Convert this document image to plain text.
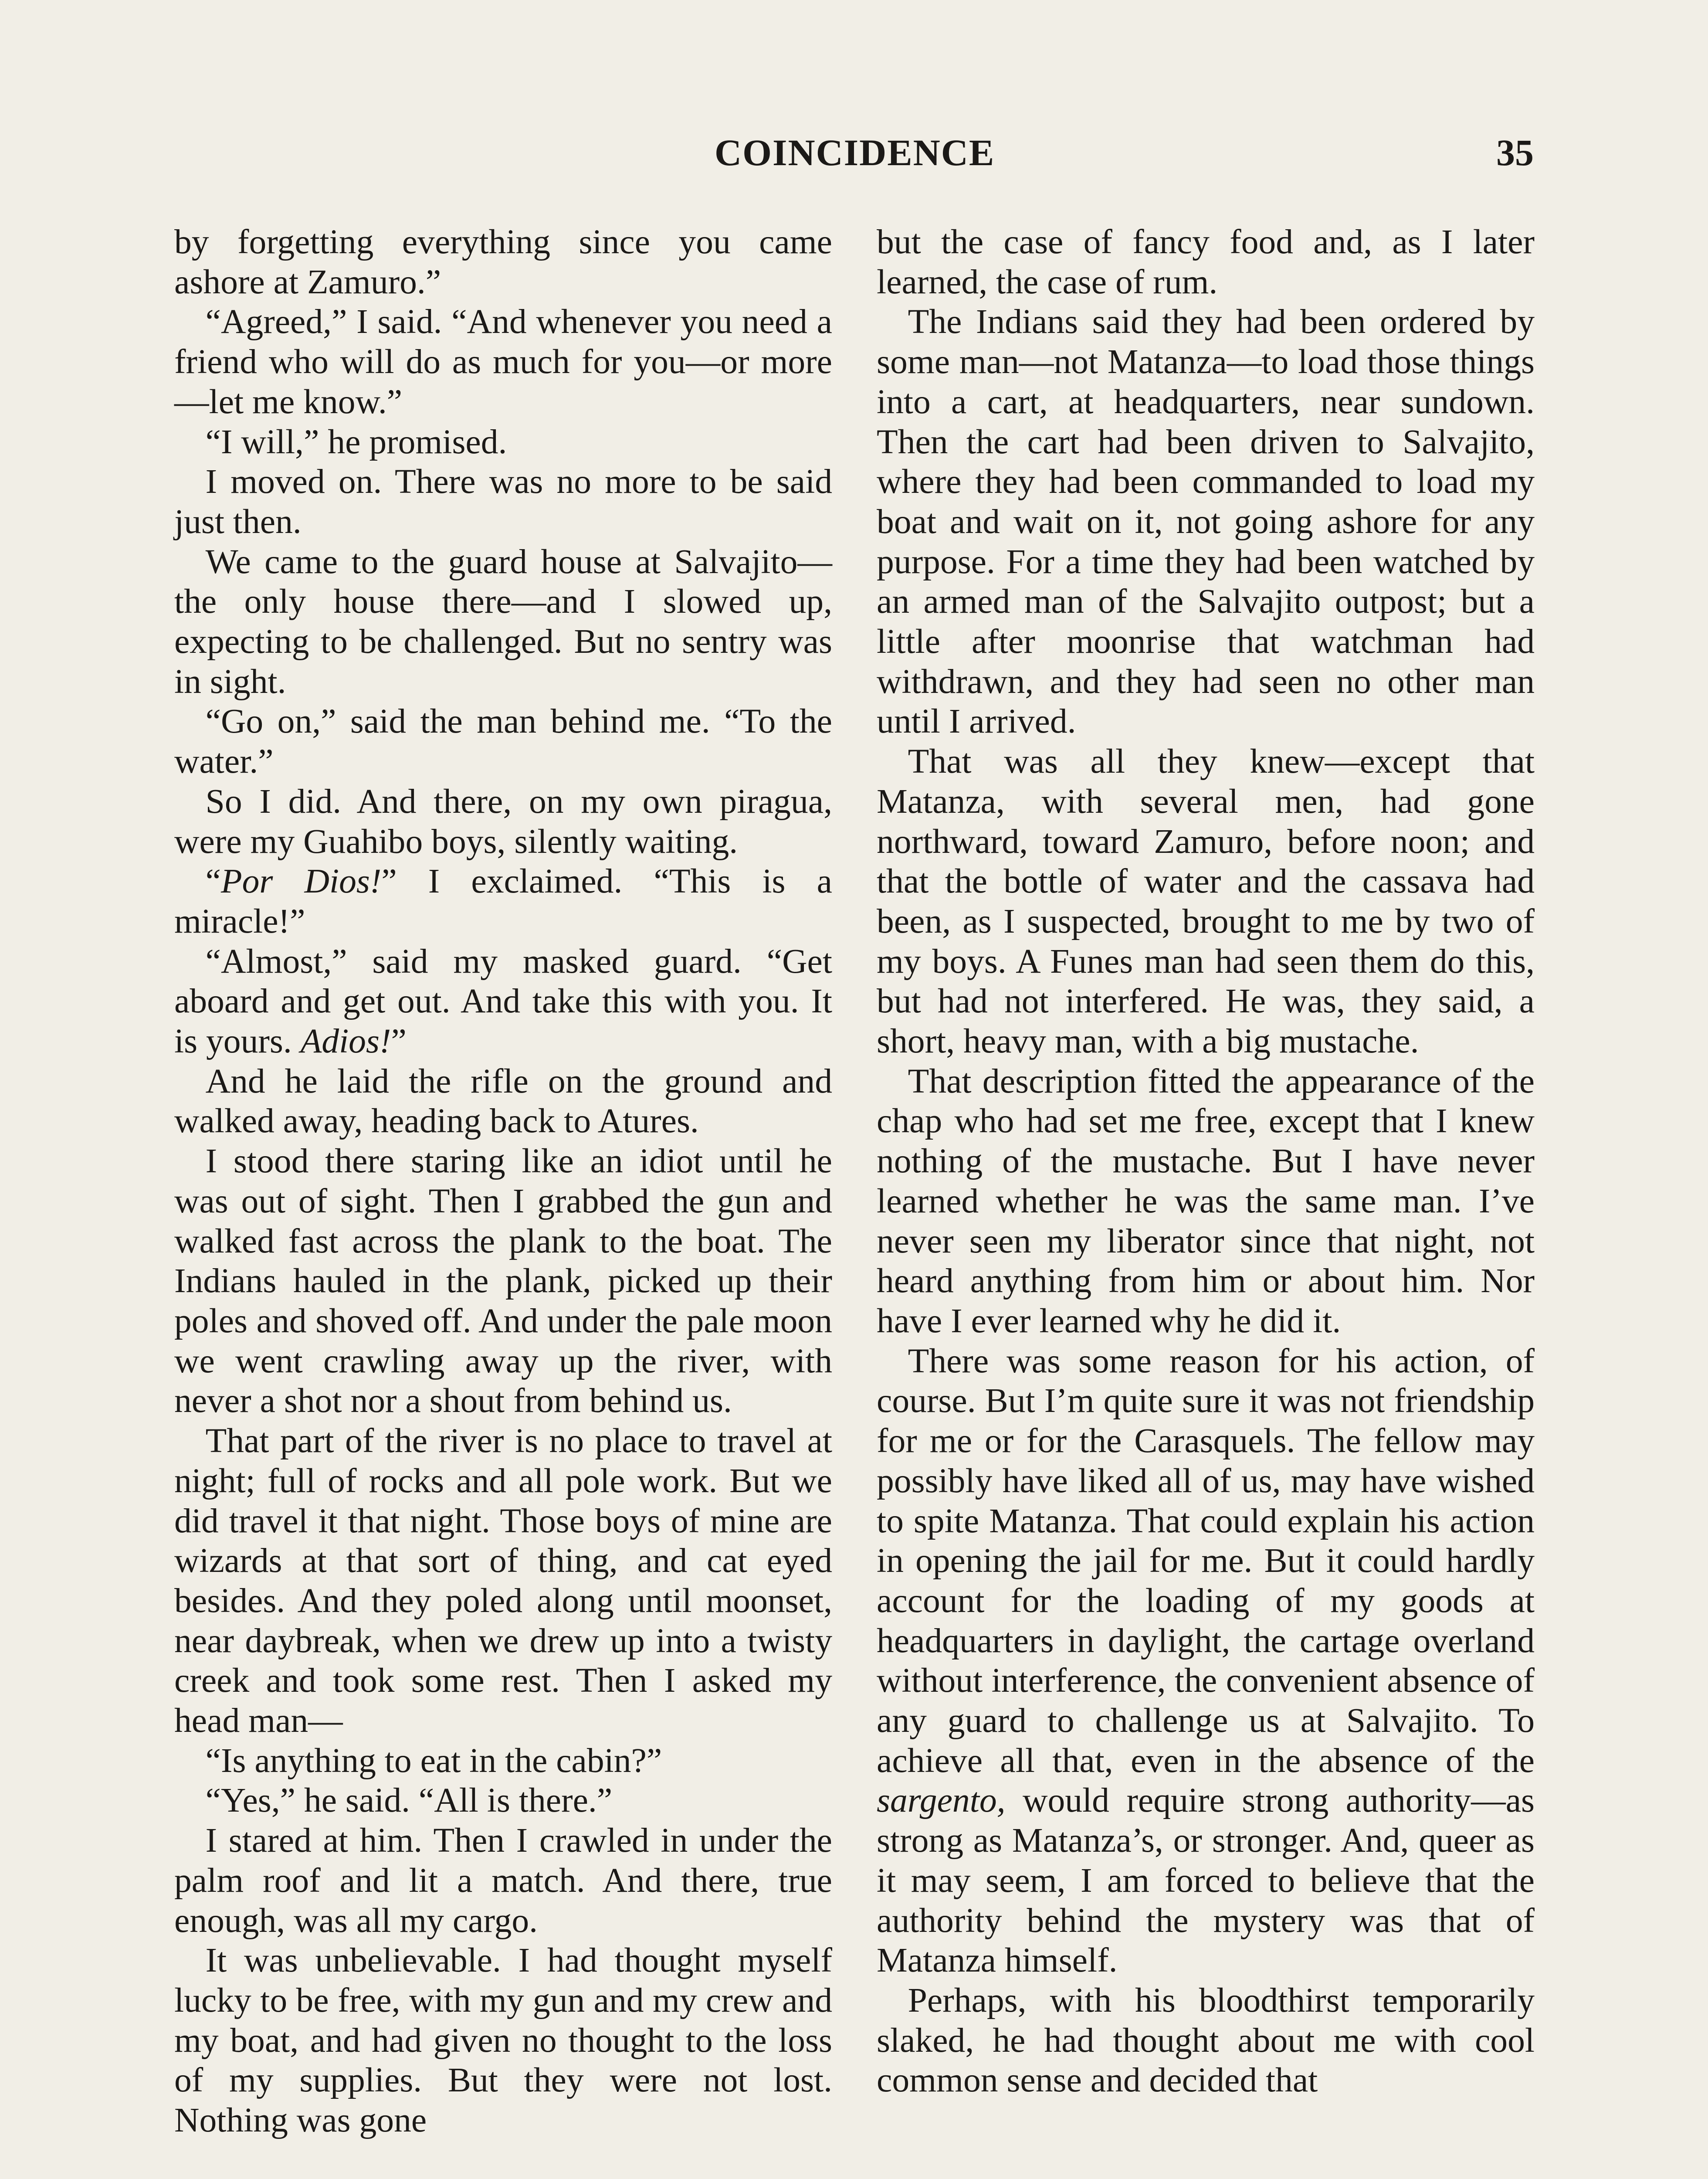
COINCIDENCE	35

by forgetting everything since you came ashore at Zamuro.”

“Agreed,” I said. “And whenever you need a friend who will do as much for you—or more—let me know.”

“I will,” he promised.

I moved on. There was no more to be said just then.

We came to the guard house at Salvajito—the only house there—and I slowed up, expecting to be challenged. But no sentry was in sight.

“Go on,” said the man behind me. “To the water.”

So I did. And there, on my own piragua, were my Guahibo boys, silently waiting.

“Por Dios!” I exclaimed. “This is a miracle!”

“Almost,” said my masked guard. “Get aboard and get out. And take this with you. It is yours. Adios!”

And he laid the rifle on the ground and walked away, heading back to Atures.

I stood there staring like an idiot until he was out of sight. Then I grabbed the gun and walked fast across the plank to the boat. The Indians hauled in the plank, picked up their poles and shoved off. And under the pale moon we went crawling away up the river, with never a shot nor a shout from behind us.

That part of the river is no place to travel at night; full of rocks and all pole work. But we did travel it that night. Those boys of mine are wizards at that sort of thing, and cat eyed besides. And they poled along until moonset, near daybreak, when we drew up into a twisty creek and took some rest. Then I asked my head man—

“Is anything to eat in the cabin?”

“Yes,” he said. “All is there.”

I stared at him. Then I crawled in under the palm roof and lit a match. And there, true enough, was all my cargo.

It was unbelievable. I had thought myself lucky to be free, with my gun and my crew and my boat, and had given no thought to the loss of my supplies. But they were not lost. Nothing was gone

but the case of fancy food and, as I later learned, the case of rum.

The Indians said they had been ordered by some man—not Matanza—to load those things into a cart, at headquarters, near sundown. Then the cart had been driven to Salvajito, where they had been commanded to load my boat and wait on it, not going ashore for any purpose. For a time they had been watched by an armed man of the Salvajito outpost; but a little after moonrise that watchman had withdrawn, and they had seen no other man until I arrived.

That was all they knew—except that Matanza, with several men, had gone northward, toward Zamuro, before noon; and that the bottle of water and the cassava had been, as I suspected, brought to me by two of my boys. A Funes man had seen them do this, but had not interfered. He was, they said, a short, heavy man, with a big mustache.

That description fitted the appearance of the chap who had set me free, except that I knew nothing of the mustache. But I have never learned whether he was the same man. I’ve never seen my liberator since that night, not heard anything from him or about him. Nor have I ever learned why he did it.

There was some reason for his action, of course. But I’m quite sure it was not friendship for me or for the Carasquels. The fellow may possibly have liked all of us, may have wished to spite Matanza. That could explain his action in opening the jail for me. But it could hardly account for the loading of my goods at headquarters in daylight, the cartage overland without interference, the convenient absence of any guard to challenge us at Salvajito. To achieve all that, even in the absence of the sargento, would require strong authority—as strong as Matanza’s, or stronger. And, queer as it may seem, I am forced to believe that the authority behind the mystery was that of Matanza himself.

Perhaps, with his bloodthirst temporarily slaked, he had thought about me with cool common sense and decided that
